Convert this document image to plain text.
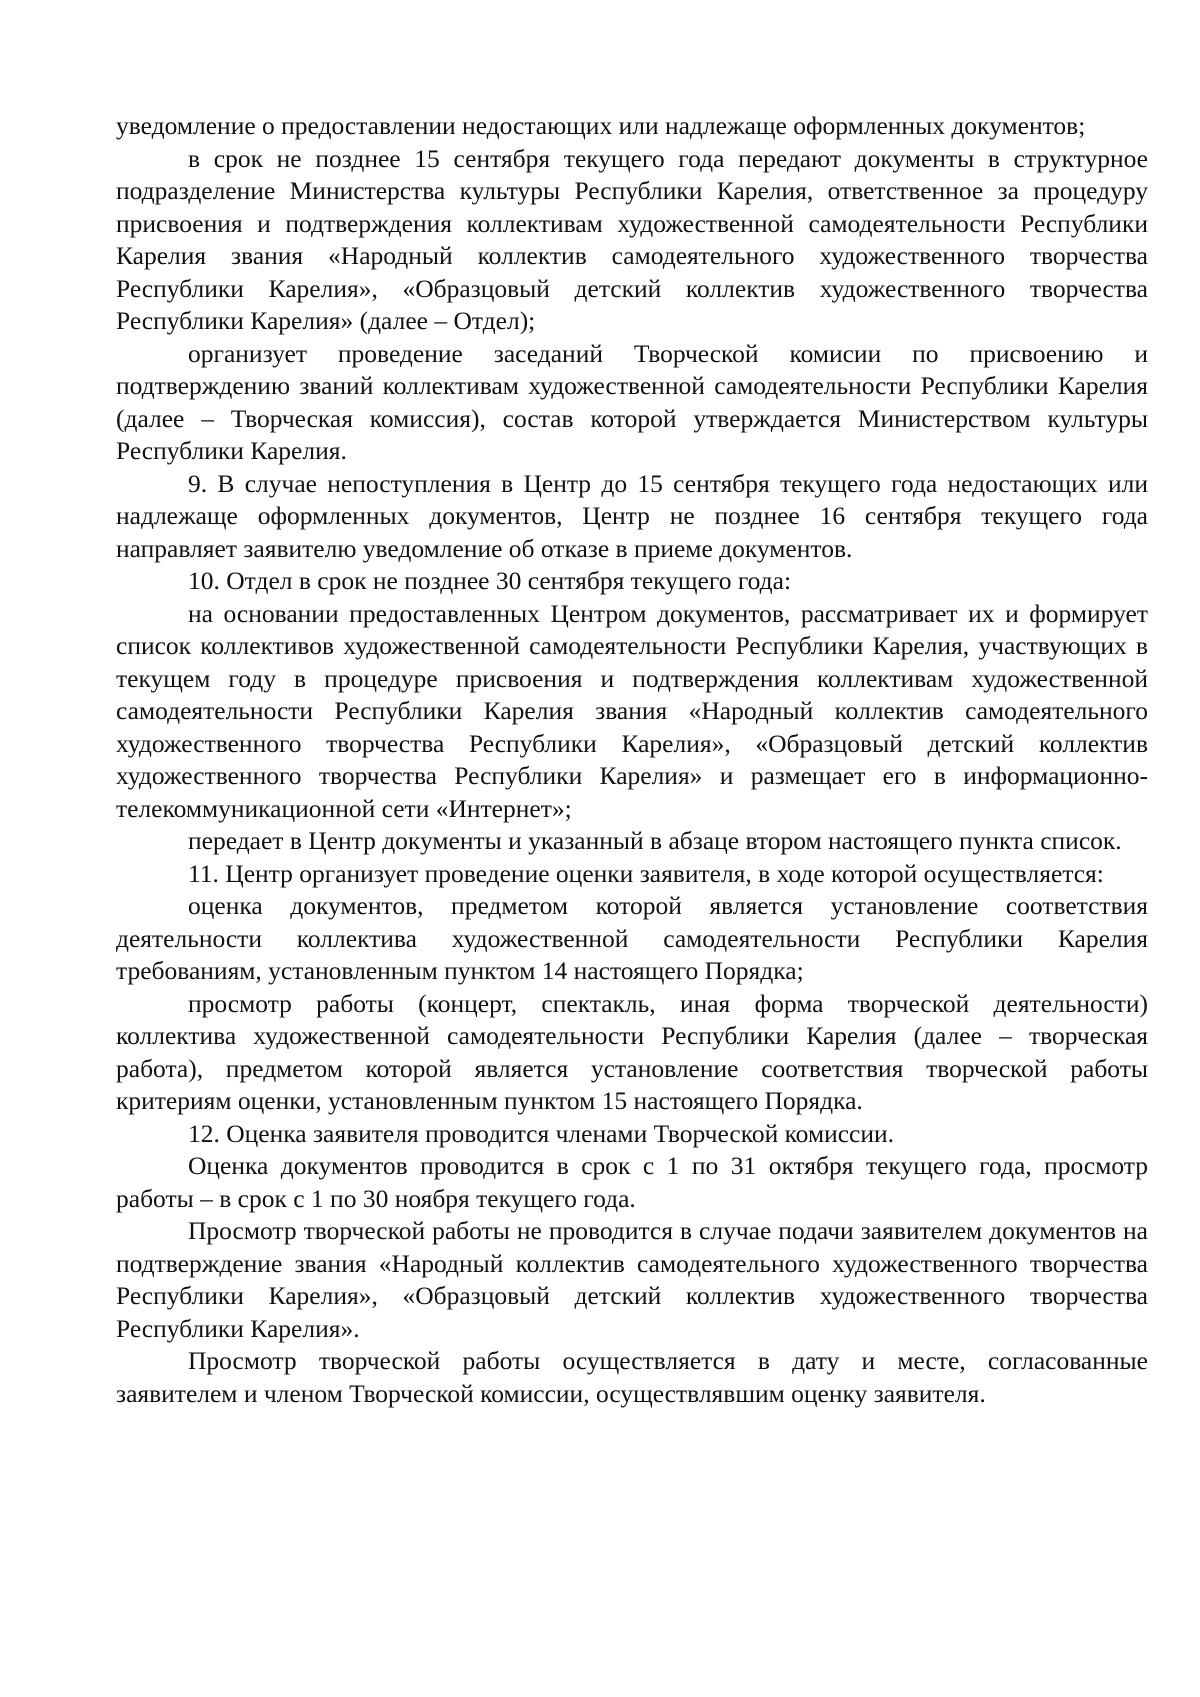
уведомление о предоставлении недостающих или надлежаще оформленных документов;

в срок не позднее 15 сентября текущего года передают документы в структурное подразделение Министерства культуры Республики Карелия, ответственное за процедуру присвоения и подтверждения коллективам художественной самодеятельности Республики Карелия звания «Народный коллектив самодеятельного художественного творчества Республики Карелия», «Образцовый детский коллектив художественного творчества Республики Карелия» (далее – Отдел);

организует проведение заседаний Творческой комисии по присвоению и подтверждению званий коллективам художественной самодеятельности Республики Карелия (далее – Творческая комиссия), состав которой утверждается Министерством культуры Республики Карелия.

9. В случае непоступления в Центр до 15 сентября текущего года недостающих или надлежаще оформленных документов, Центр не позднее 16 сентября текущего года направляет заявителю уведомление об отказе в приеме документов.

10. Отдел в срок не позднее 30 сентября текущего года:

на основании предоставленных Центром документов, рассматривает их и формирует список коллективов художественной самодеятельности Республики Карелия, участвующих в текущем году в процедуре присвоения и подтверждения коллективам художественной самодеятельности Республики Карелия звания «Народный коллектив самодеятельного художественного творчества Республики Карелия», «Образцовый детский коллектив художественного творчества Республики Карелия» и размещает его в информационно-телекоммуникационной сети «Интернет»;

передает в Центр документы и указанный в абзаце втором настоящего пункта список.

11. Центр организует проведение оценки заявителя, в ходе которой осуществляется:

оценка документов, предметом которой является установление соответствия деятельности коллектива художественной самодеятельности Республики Карелия требованиям, установленным пунктом 14 настоящего Порядка;

просмотр работы (концерт, спектакль, иная форма творческой деятельности) коллектива художественной самодеятельности Республики Карелия (далее – творческая работа), предметом которой является установление соответствия творческой работы критериям оценки, установленным пунктом 15 настоящего Порядка.

12. Оценка заявителя проводится членами Творческой комиссии.

Оценка документов проводится в срок с 1 по 31 октября текущего года, просмотр работы – в срок с 1 по 30 ноября текущего года.

Просмотр творческой работы не проводится в случае подачи заявителем документов на подтверждение звания «Народный коллектив самодеятельного художественного творчества Республики Карелия», «Образцовый детский коллектив художественного творчества Республики Карелия».

Просмотр творческой работы осуществляется в дату и месте, согласованные заявителем и членом Творческой комиссии, осуществлявшим оценку заявителя.
